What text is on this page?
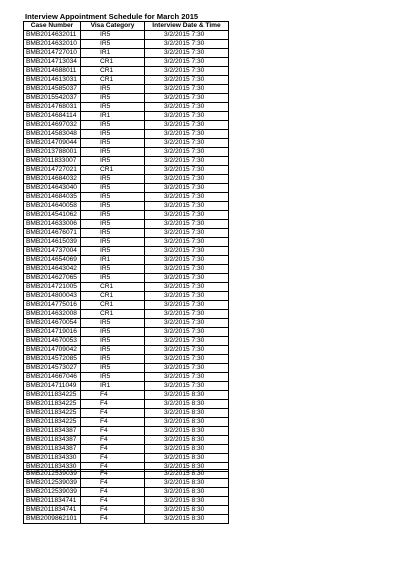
Interview Appointment Schedule for March 2015
Case Number	Visa Category	Interview Date & Time
BMB2014632011	IR5	3/2/2015 7:30
BMB2014632010	IR5	3/2/2015 7:30
BMB2014727010	IR1	3/2/2015 7:30
BMB2014713034	CR1	3/2/2015 7:30
BMB2014688011	CR1	3/2/2015 7:30
BMB2014613031	CR1	3/2/2015 7:30
BMB2014585037	IR5	3/2/2015 7:30
BMB2015542037	IR5	3/2/2015 7:30
BMB2014768031	IR5	3/2/2015 7:30
BMB2014684114	IR1	3/2/2015 7:30
BMB2014697032	IR5	3/2/2015 7:30
BMB2014583048	IR5	3/2/2015 7:30
BMB2014709044	IR5	3/2/2015 7:30
BMB2013788001	IR5	3/2/2015 7:30
BMB2011833007	IR5	3/2/2015 7:30
BMB2014727021	CR1	3/2/2015 7:30
BMB2014684032	IR5	3/2/2015 7:30
BMB2014643040	IR5	3/2/2015 7:30
BMB2014684035	IR5	3/2/2015 7:30
BMB2014640058	IR5	3/2/2015 7:30
BMB2014541062	IR5	3/2/2015 7:30
BMB2014633006	IR5	3/2/2015 7:30
BMB2014676071	IR5	3/2/2015 7:30
BMB2014615039	IR5	3/2/2015 7:30
BMB2014737004	IR5	3/2/2015 7:30
BMB2014654069	IR1	3/2/2015 7:30
BMB2014643042	IR5	3/2/2015 7:30
BMB2014627065	IR5	3/2/2015 7:30
BMB2014721005	CR1	3/2/2015 7:30
BMB2014800043	CR1	3/2/2015 7:30
BMB2014775016	CR1	3/2/2015 7:30
BMB2014632008	CR1	3/2/2015 7:30
BMB2014670054	IR5	3/2/2015 7:30
BMB2014719016	IR5	3/2/2015 7:30
BMB2014670053	IR5	3/2/2015 7:30
BMB2014709042	IR5	3/2/2015 7:30
BMB2014572085	IR5	3/2/2015 7:30
BMB2014573027	IR5	3/2/2015 7:30
BMB2014667046	IR5	3/2/2015 7:30
BMB2014711049	IR1	3/2/2015 7:30
BMB2011834225	F4	3/2/2015 8:30
BMB2011834225	F4	3/2/2015 8:30
BMB2011834225	F4	3/2/2015 8:30
BMB2011834225	F4	3/2/2015 8:30
BMB2011834387	F4	3/2/2015 8:30
BMB2011834387	F4	3/2/2015 8:30
BMB2011834387	F4	3/2/2015 8:30
BMB2011834330	F4	3/2/2015 8:30
BMB2011834330	F4	3/2/2015 8:30
BMB2012539039	F4	3/2/2015 8:30
BMB2012539039	F4	3/2/2015 8:30
BMB2012539039	F4	3/2/2015 8:30
BMB2011834741	F4	3/2/2015 8:30
BMB2011834741	F4	3/2/2015 8:30
BMB2009862101	F4	3/2/2015 8:30
